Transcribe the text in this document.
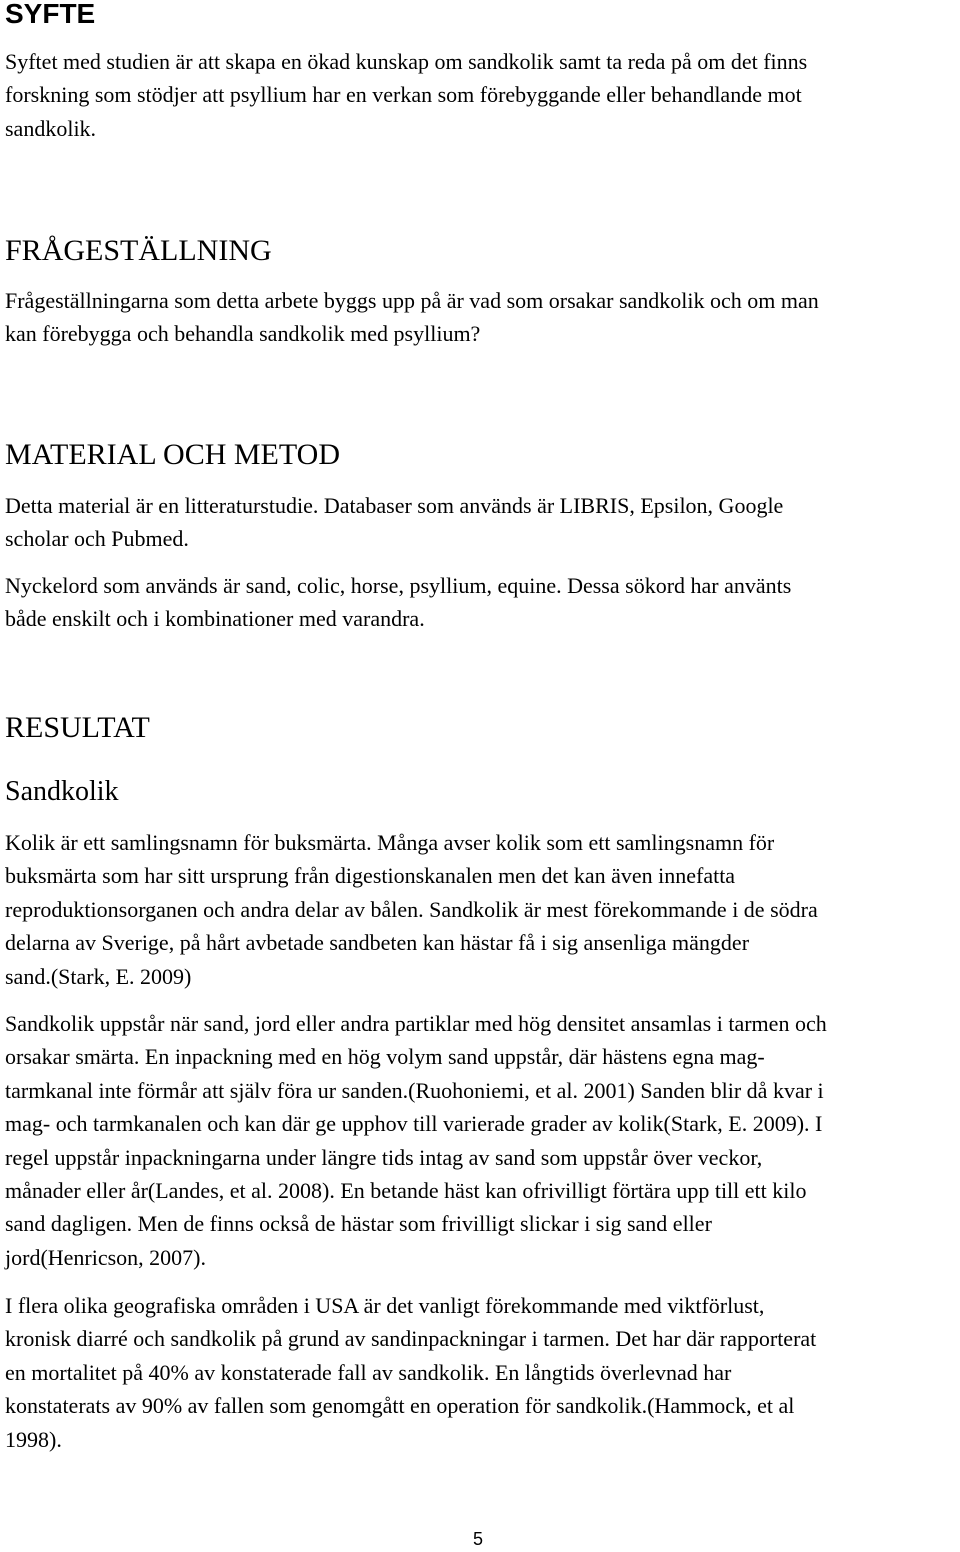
SYFTE

Syftet med studien är att skapa en ökad kunskap om sandkolik samt ta reda på om det finns
forskning som stödjer att psyllium har en verkan som förebyggande eller behandlande mot
sandkolik.

FRÅGESTÄLLNING

Frågeställningarna som detta arbete byggs upp på är vad som orsakar sandkolik och om man
kan förebygga och behandla sandkolik med psyllium?

MATERIAL OCH METOD

Detta material är en litteraturstudie. Databaser som används är LIBRIS, Epsilon, Google
scholar och Pubmed.

Nyckelord som används är sand, colic, horse, psyllium, equine. Dessa sökord har använts
både enskilt och i kombinationer med varandra.

RESULTAT
Sandkolik

Kolik är ett samlingsnamn för buksmärta. Många avser kolik som ett samlingsnamn för
buksmärta som har sitt ursprung från digestionskanalen men det kan även innefatta
reproduktionsorganen och andra delar av bålen. Sandkolik är mest förekommande i de södra
delarna av Sverige, på hårt avbetade sandbeten kan hästar få i sig ansenliga mängder
sand.(Stark, E. 2009)

Sandkolik uppstår när sand, jord eller andra partiklar med hög densitet ansamlas i tarmen och
orsakar smärta. En inpackning med en hög volym sand uppstår, där hästens egna mag-
tarmkanal inte förmår att själv föra ur sanden.(Ruohoniemi, et al. 2001) Sanden blir då kvar i
mag- och tarmkanalen och kan där ge upphov till varierade grader av kolik(Stark, E. 2009). I
regel uppstår inpackningarna under längre tids intag av sand som uppstår över veckor,
månader eller år(Landes, et al. 2008). En betande häst kan ofrivilligt förtära upp till ett kilo
sand dagligen. Men de finns också de hästar som frivilligt slickar i sig sand eller
jord(Henricson, 2007).

I flera olika geografiska områden i USA är det vanligt förekommande med viktförlust,
kronisk diarré och sandkolik på grund av sandinpackningar i tarmen. Det har där rapporterat
en mortalitet på 40% av konstaterade fall av sandkolik. En långtids överlevnad har
konstaterats av 90% av fallen som genomgått en operation för sandkolik.(Hammock, et al
1998).

5
